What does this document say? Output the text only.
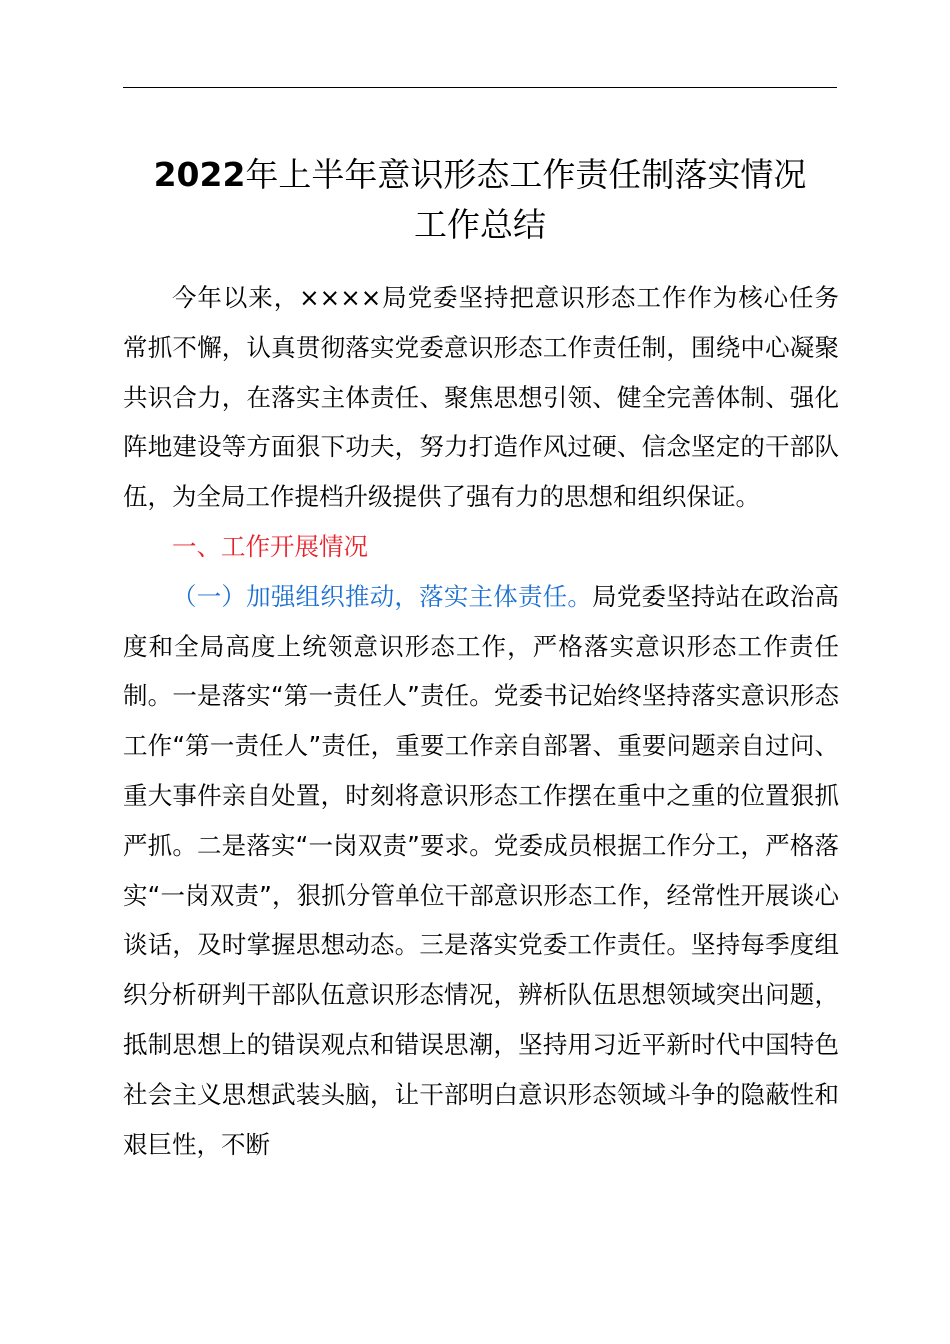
2022年上半年意识形态工作责任制落实情况
工作总结

今年以来，××××局党委坚持把意识形态工作作为核心任务常抓不懈，认真贯彻落实党委意识形态工作责任制，围绕中心凝聚共识合力，在落实主体责任、聚焦思想引领、健全完善体制、强化阵地建设等方面狠下功夫，努力打造作风过硬、信念坚定的干部队伍，为全局工作提档升级提供了强有力的思想和组织保证。

一、工作开展情况

（一）加强组织推动，落实主体责任。局党委坚持站在政治高度和全局高度上统领意识形态工作，严格落实意识形态工作责任制。一是落实“第一责任人”责任。党委书记始终坚持落实意识形态工作“第一责任人”责任，重要工作亲自部署、重要问题亲自过问、重大事件亲自处置，时刻将意识形态工作摆在重中之重的位置狠抓严抓。二是落实“一岗双责”要求。党委成员根据工作分工，严格落实“一岗双责”，狠抓分管单位干部意识形态工作，经常性开展谈心谈话，及时掌握思想动态。三是落实党委工作责任。坚持每季度组织分析研判干部队伍意识形态情况，辨析队伍思想领域突出问题，抵制思想上的错误观点和错误思潮，坚持用习近平新时代中国特色社会主义思想武装头脑，让干部明白意识形态领域斗争的隐蔽性和艰巨性，不断
